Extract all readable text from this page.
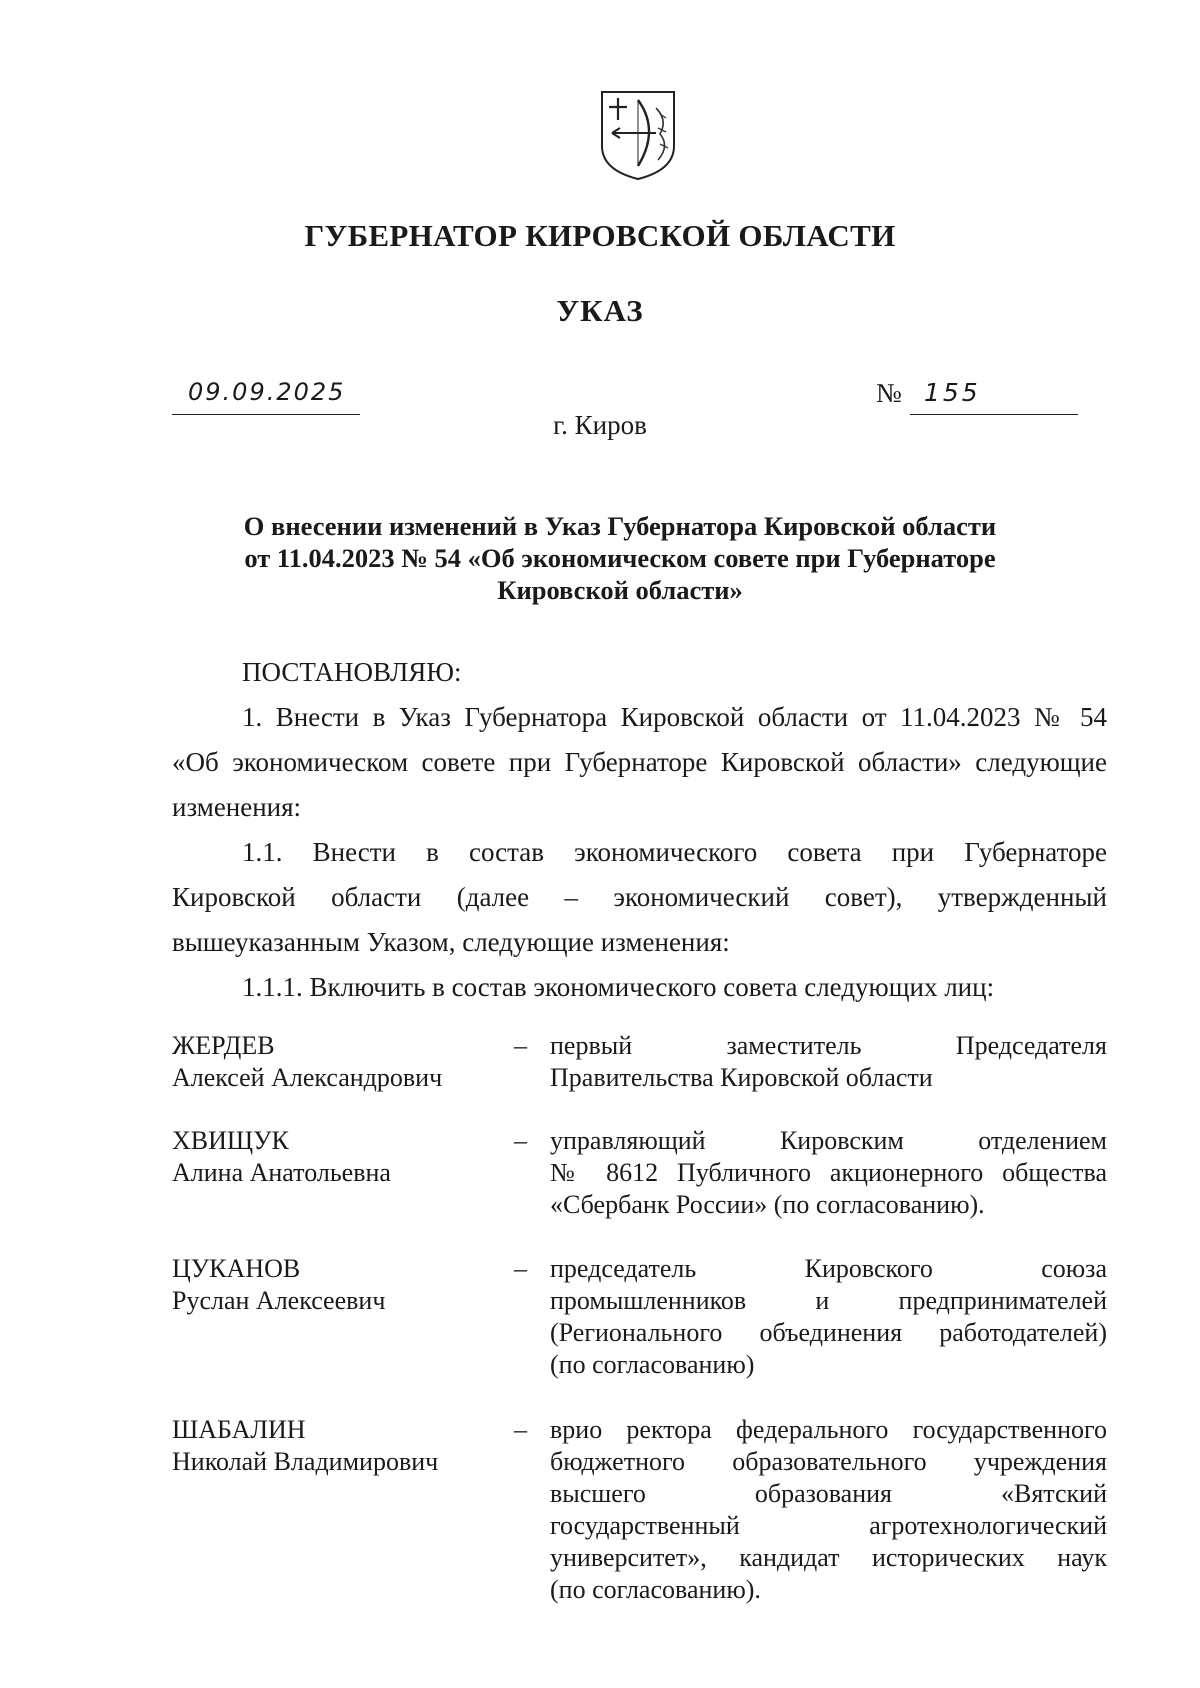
ГУБЕРНАТОР КИРОВСКОЙ ОБЛАСТИ
УКАЗ
09.09.2025	№ 155
г. Киров
О внесении изменений в Указ Губернатора Кировской области
от 11.04.2023 № 54 «Об экономическом совете при Губернаторе
Кировской области»
ПОСТАНОВЛЯЮ:
1. Внести в Указ Губернатора Кировской области от 11.04.2023 № 54
«Об экономическом совете при Губернаторе Кировской области» следующие
изменения:
1.1. Внести в состав экономического совета при Губернаторе
Кировской области (далее – экономический совет), утвержденный
вышеуказанным Указом, следующие изменения:
1.1.1. Включить в состав экономического совета следующих лиц:
ЖЕРДЕВ
Алексей Александрович
– первый заместитель Председателя
Правительства Кировской области
ХВИЩУК
Алина Анатольевна
– управляющий Кировским отделением
№ 8612 Публичного акционерного общества
«Сбербанк России» (по согласованию).
ЦУКАНОВ
Руслан Алексеевич
– председатель Кировского союза
промышленников и предпринимателей
(Регионального объединения работодателей)
(по согласованию)
ШАБАЛИН
Николай Владимирович
– врио ректора федерального государственного
бюджетного образовательного учреждения
высшего образования «Вятский
государственный агротехнологический
университет», кандидат исторических наук
(по согласованию).
